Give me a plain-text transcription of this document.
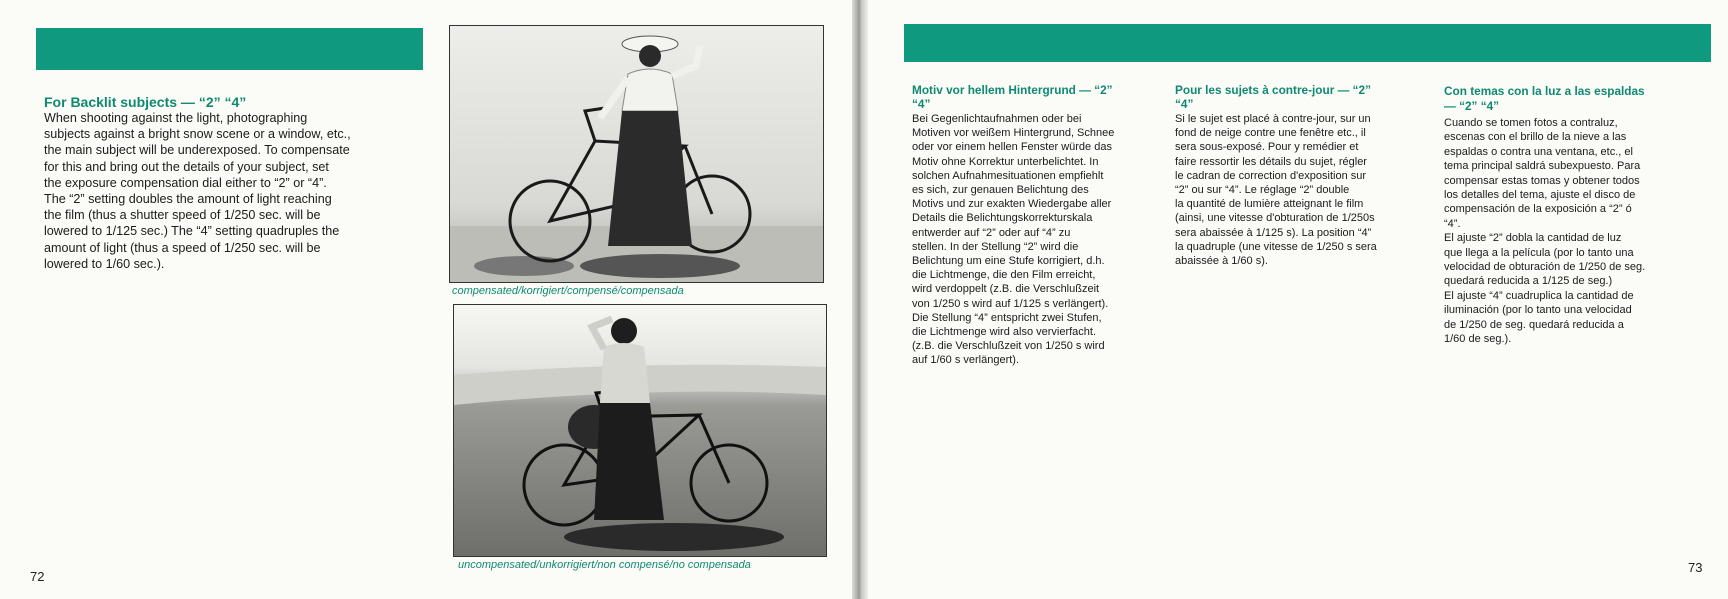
For Backlit subjects — “2” “4”
When shooting against the light, photographing
subjects against a bright snow scene or a window, etc.,
the main subject will be underexposed. To compensate
for this and bring out the details of your subject, set
the exposure compensation dial either to “2” or “4”.
The “2” setting doubles the amount of light reaching
the film (thus a shutter speed of 1/250 sec. will be
lowered to 1/125 sec.) The “4” setting quadruples the
amount of light (thus a speed of 1/250 sec. will be
lowered to 1/60 sec.).
compensated/korrigiert/compensé/compensada
uncompensated/unkorrigiert/non compensé/no compensada
72
Motiv vor hellem Hintergrund — “2”
“4”
Bei Gegenlichtaufnahmen oder bei
Motiven vor weißem Hintergrund, Schnee
oder vor einem hellen Fenster würde das
Motiv ohne Korrektur unterbelichtet. In
solchen Aufnahmesituationen empfiehlt
es sich, zur genauen Belichtung des
Motivs und zur exakten Wiedergabe aller
Details die Belichtungskorrekturskala
entwerder auf “2” oder auf “4” zu
stellen. In der Stellung “2” wird die
Belichtung um eine Stufe korrigiert, d.h.
die Lichtmenge, die den Film erreicht,
wird verdoppelt (z.B. die Verschlußzeit
von 1/250 s wird auf 1/125 s verlängert).
Die Stellung “4” entspricht zwei Stufen,
die Lichtmenge wird also vervierfacht.
(z.B. die Verschlußzeit von 1/250 s wird
auf 1/60 s verlängert).
Pour les sujets à contre-jour — “2”
“4”
Si le sujet est placé à contre-jour, sur un
fond de neige contre une fenêtre etc., il
sera sous-exposé. Pour y remédier et
faire ressortir les détails du sujet, régler
le cadran de correction d'exposition sur
“2” ou sur “4”. Le réglage “2” double
la quantité de lumière atteignant le film
(ainsi, une vitesse d'obturation de 1/250s
sera abaissée à 1/125 s). La position “4”
la quadruple (une vitesse de 1/250 s sera
abaissée à 1/60 s).
Con temas con la luz a las espaldas
— “2” “4”
Cuando se tomen fotos a contraluz,
escenas con el brillo de la nieve a las
espaldas o contra una ventana, etc., el
tema principal saldrá subexpuesto. Para
compensar estas tomas y obtener todos
los detalles del tema, ajuste el disco de
compensación de la exposición a “2” ó
“4”.
El ajuste “2” dobla la cantidad de luz
que llega a la película (por lo tanto una
velocidad de obturación de 1/250 de seg.
quedará reducida a 1/125 de seg.)
El ajuste “4” cuadruplica la cantidad de
iluminación (por lo tanto una velocidad
de 1/250 de seg. quedará reducida a
1/60 de seg.).
73
